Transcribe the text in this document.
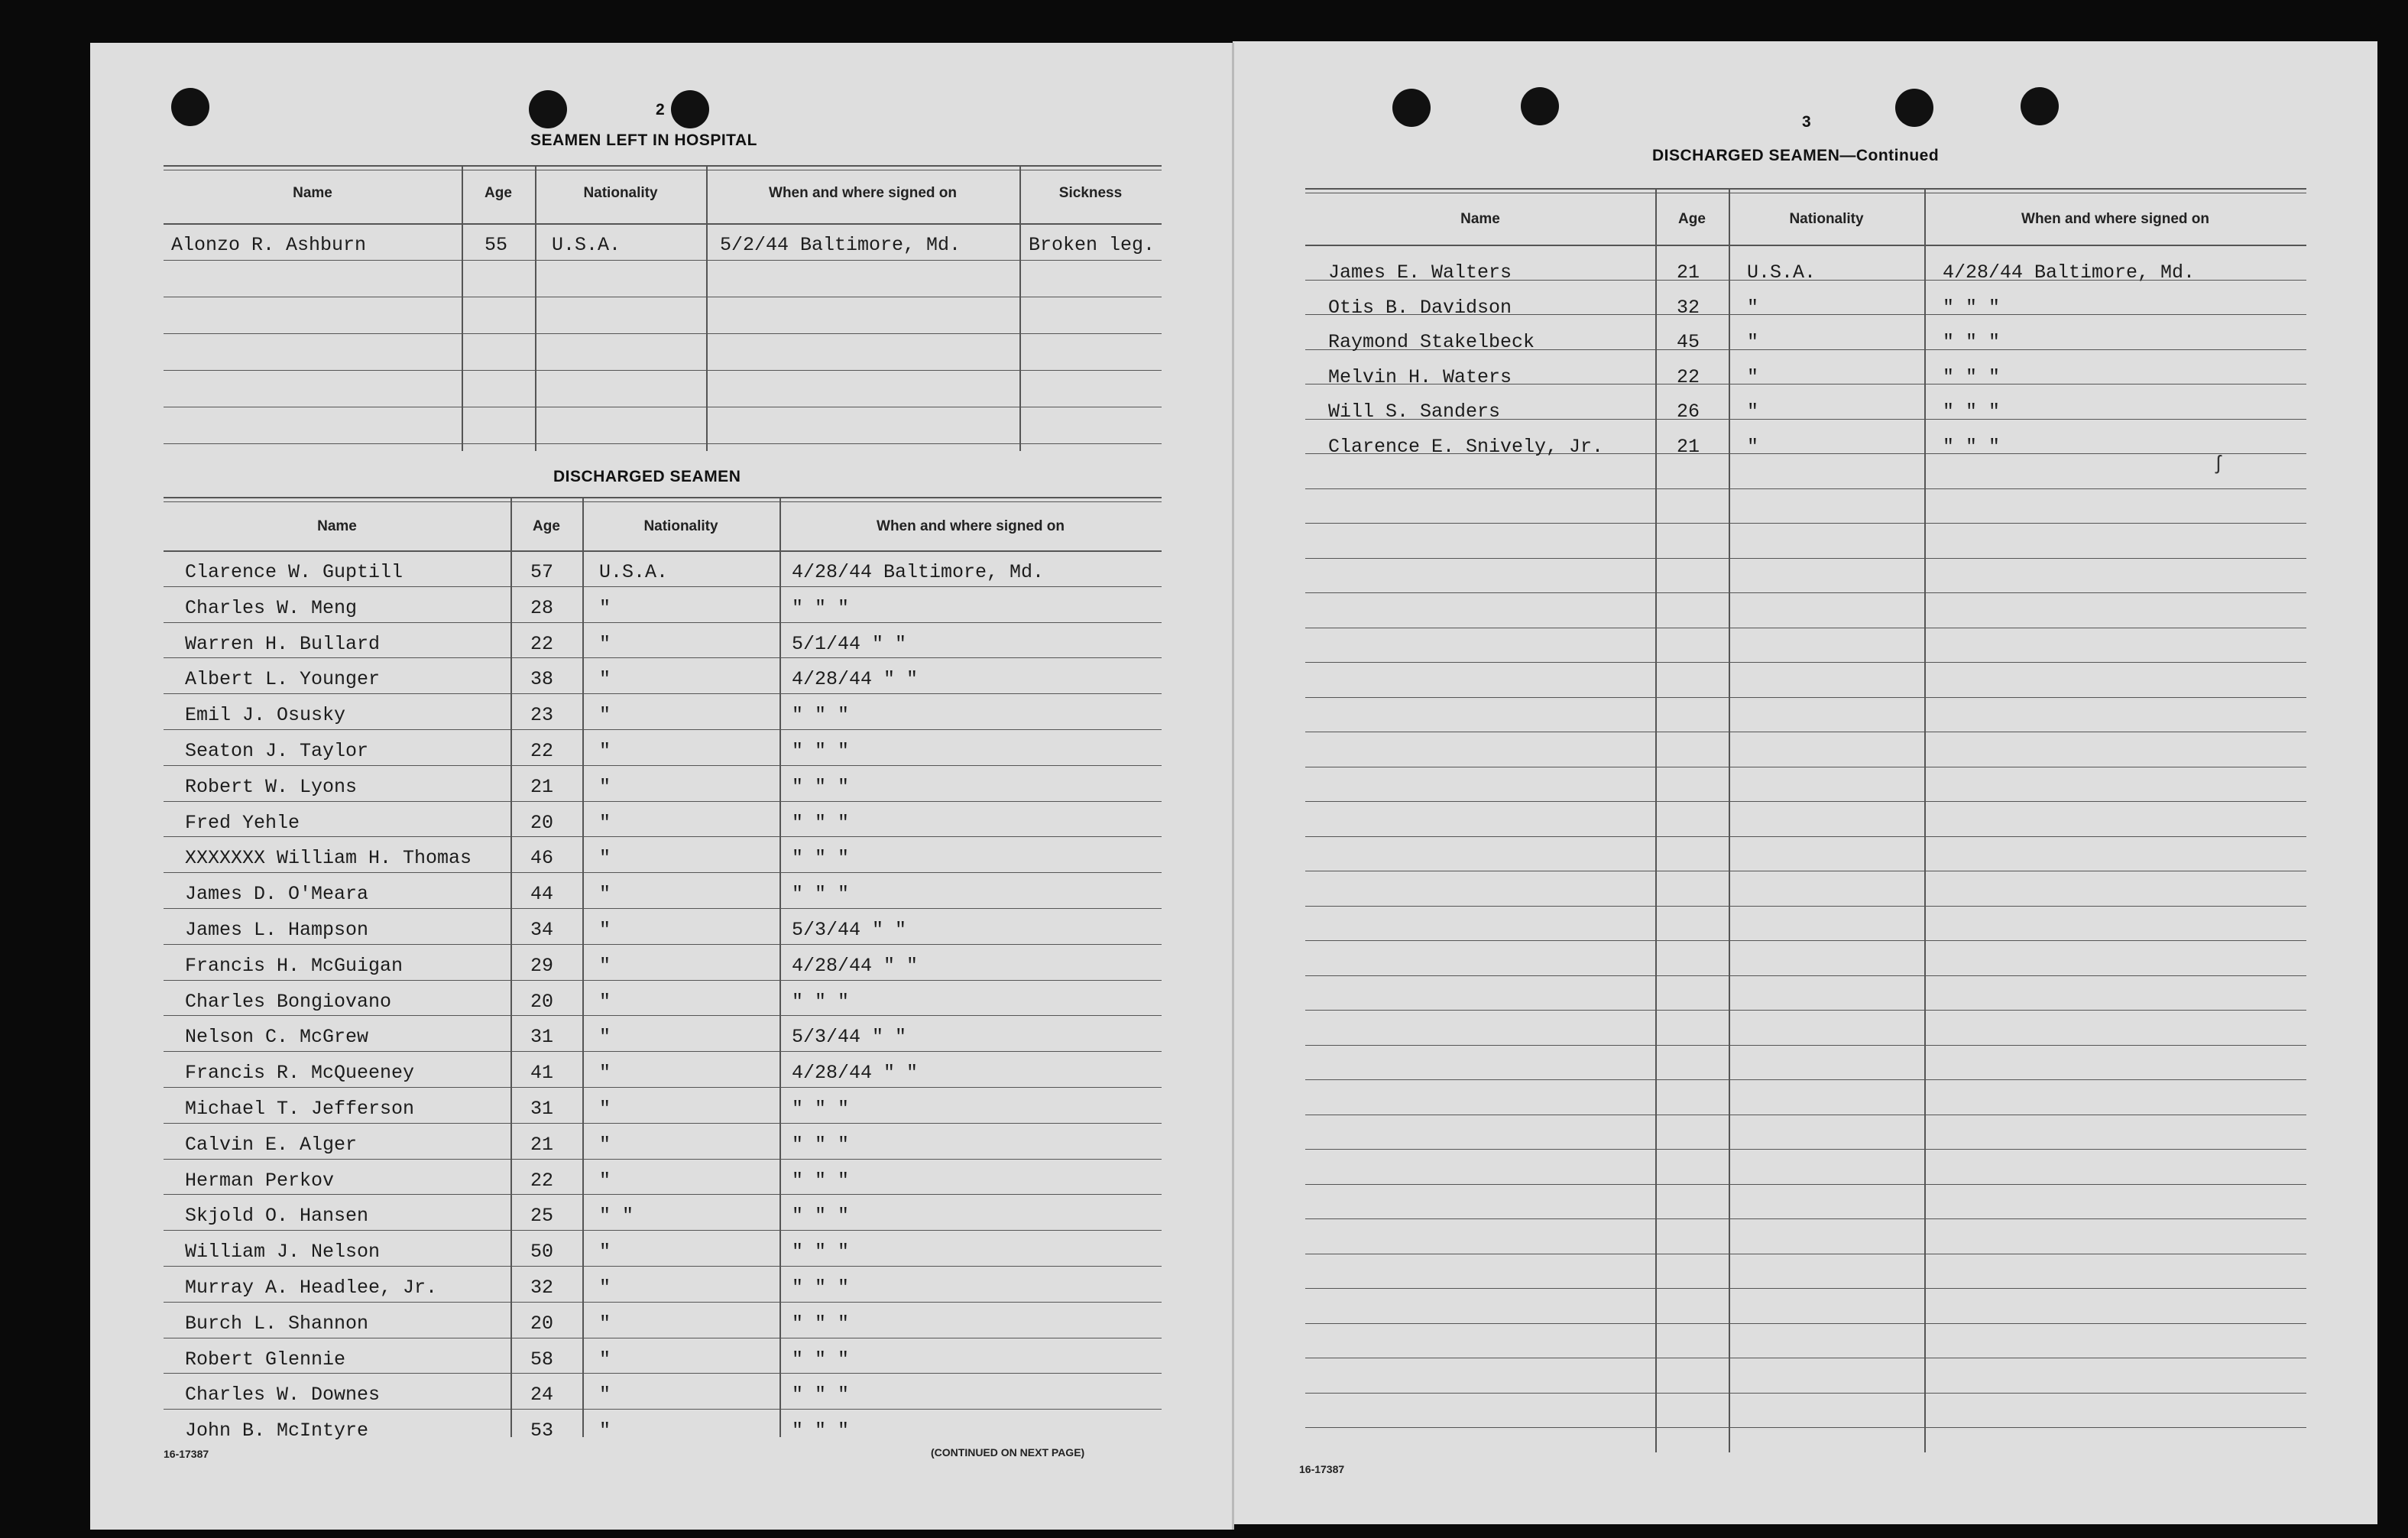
2
SEAMEN LEFT IN HOSPITAL
DISCHARGED SEAMEN
3
DISCHARGED SEAMEN—Continued
Name	Age	Nationality	When and where signed on	Sickness
Alonzo R. Ashburn	55 U.S.A.	5/2/44 Baltimore, Md.	Broken leg.
Name	Age	Nationality	When and where signed on
Clarence W. Guptill	57 U.S.A.	4/28/44 Baltimore, Md.
Charles W. Meng	28 "	" " "
Warren H. Bullard	22 "	5/1/44 " "
Albert L. Younger	38 "	4/28/44 " "
Emil J. Osusky	23 "	" " "
Seaton J. Taylor	22 "	" " "
Robert W. Lyons	21 "	" " "
Fred Yehle	20 "	" " "
XXXXXXX William H. Thomas	46 "	" " "
James D. O'Meara	44 "	" " "
James L. Hampson	34 "	5/3/44 " "
Francis H. McGuigan	29 "	4/28/44 " "
Charles Bongiovano	20 "	" " "
Nelson C. McGrew	31 "	5/3/44 " "
Francis R. McQueeney	41 "	4/28/44 " "
Michael T. Jefferson	31 "	" " "
Calvin E. Alger	21 "	" " "
Herman Perkov	22 "	" " "
Skjold O. Hansen	25 " "	" " "
William J. Nelson	50 "	" " "
Murray A. Headlee, Jr.	32 "	" " "
Burch L. Shannon	20 "	" " "
Robert Glennie	58 "	" " "
Charles W. Downes	24 "	" " "
John B. McIntyre	53 "	" " "
Name	Age	Nationality	When and where signed on
James E. Walters	21 U.S.A.	4/28/44 Baltimore, Md.
Otis B. Davidson	32 "	" " "
Raymond Stakelbeck	45 "	" " "
Melvin H. Waters	22 "	" " "
Will S. Sanders	26 "	" " "
Clarence E. Snively, Jr.	21 "	" " "
16-17387	(CONTINUED ON NEXT PAGE)
16-17387
ʃ
